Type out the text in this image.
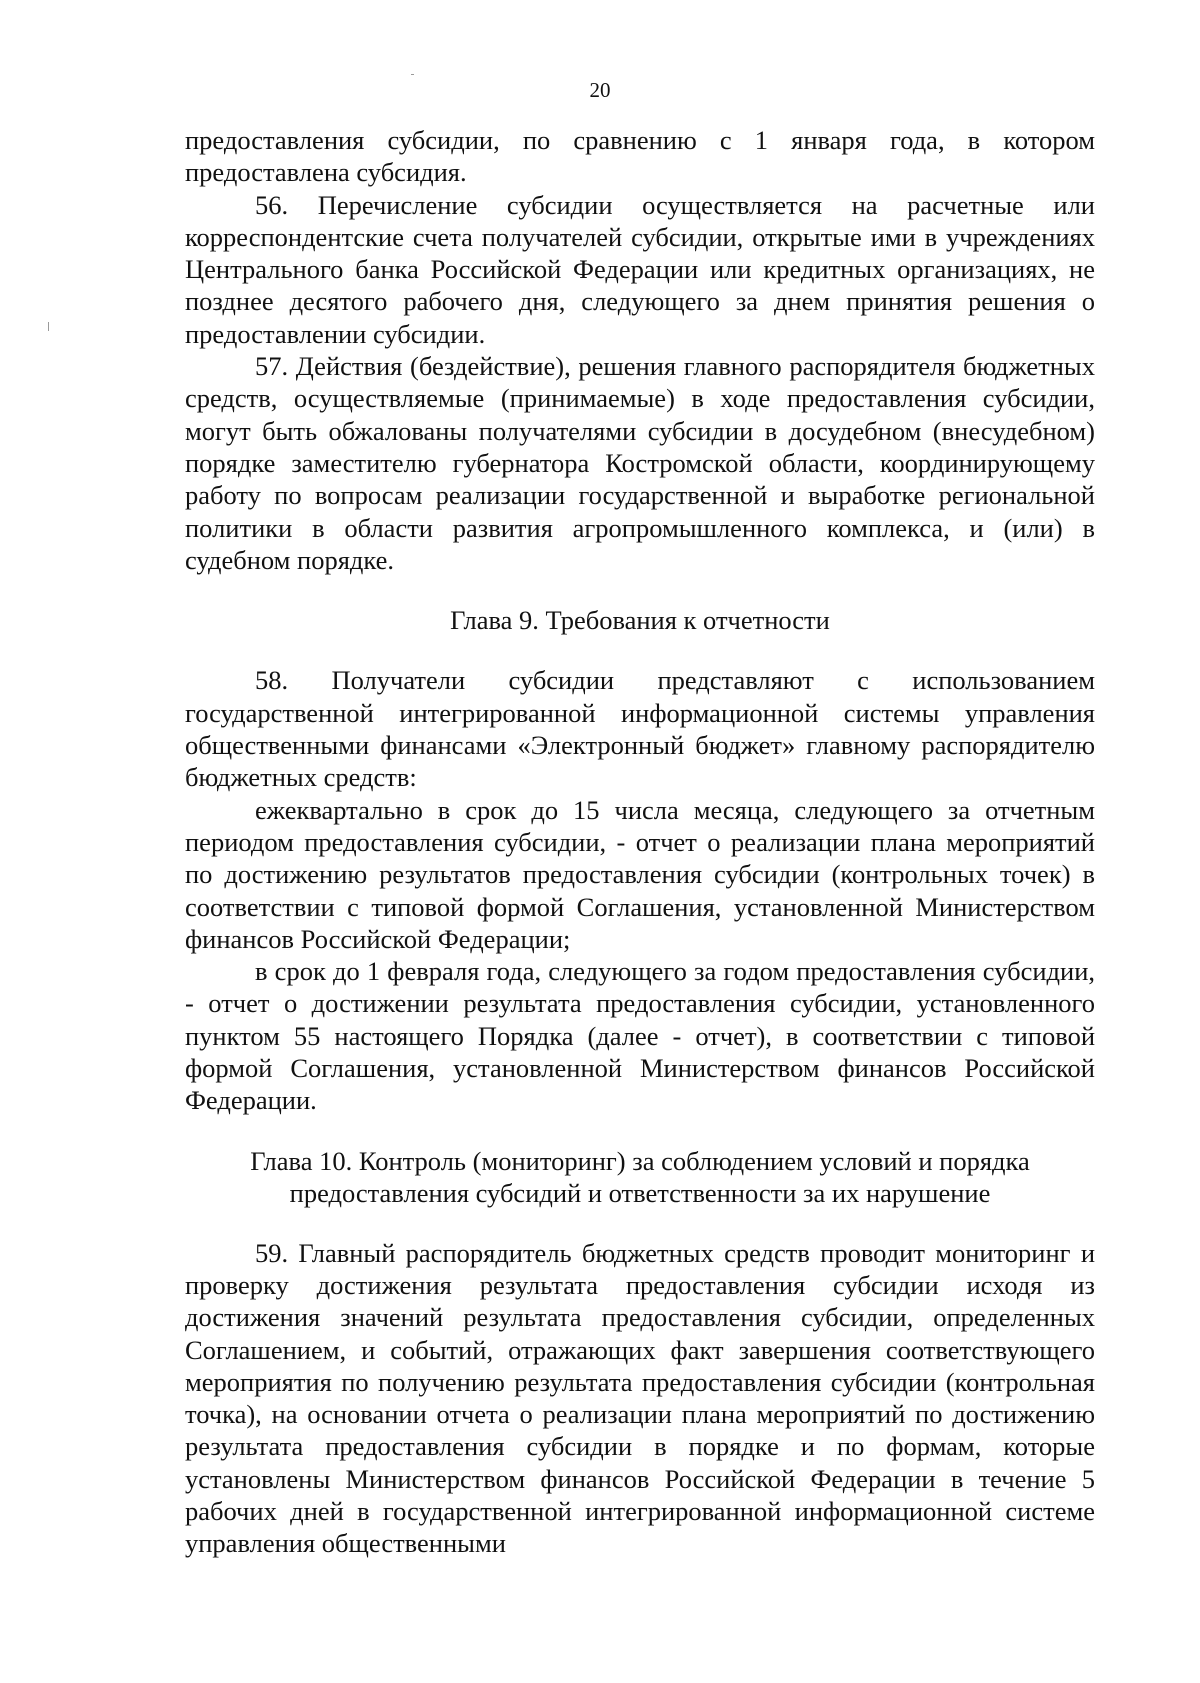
20

предоставления субсидии, по сравнению с 1 января года, в котором предоставлена субсидия.

56. Перечисление субсидии осуществляется на расчетные или корреспондентские счета получателей субсидии, открытые ими в учреждениях Центрального банка Российской Федерации или кредитных организациях, не позднее десятого рабочего дня, следующего за днем принятия решения о предоставлении субсидии.

57. Действия (бездействие), решения главного распорядителя бюджетных средств, осуществляемые (принимаемые) в ходе предоставления субсидии, могут быть обжалованы получателями субсидии в досудебном (внесудебном) порядке заместителю губернатора Костромской области, координирующему работу по вопросам реализации государственной и выработке региональной политики в области развития агропромышленного комплекса, и (или) в судебном порядке.

Глава 9. Требования к отчетности

58. Получатели субсидии представляют с использованием государственной интегрированной информационной системы управления общественными финансами «Электронный бюджет» главному распорядителю бюджетных средств:

ежеквартально в срок до 15 числа месяца, следующего за отчетным периодом предоставления субсидии, - отчет о реализации плана мероприятий по достижению результатов предоставления субсидии (контрольных точек) в соответствии с типовой формой Соглашения, установленной Министерством финансов Российской Федерации;

в срок до 1 февраля года, следующего за годом предоставления субсидии, - отчет о достижении результата предоставления субсидии, установленного пунктом 55 настоящего Порядка (далее - отчет), в соответствии с типовой формой Соглашения, установленной Министерством финансов Российской Федерации.

Глава 10. Контроль (мониторинг) за соблюдением условий и порядка
предоставления субсидий и ответственности за их нарушение

59. Главный распорядитель бюджетных средств проводит мониторинг и проверку достижения результата предоставления субсидии исходя из достижения значений результата предоставления субсидии, определенных Соглашением, и событий, отражающих факт завершения соответствующего мероприятия по получению результата предоставления субсидии (контрольная точка), на основании отчета о реализации плана мероприятий по достижению результата предоставления субсидии в порядке и по формам, которые установлены Министерством финансов Российской Федерации в течение 5 рабочих дней в государственной интегрированной информационной системе управления общественными
